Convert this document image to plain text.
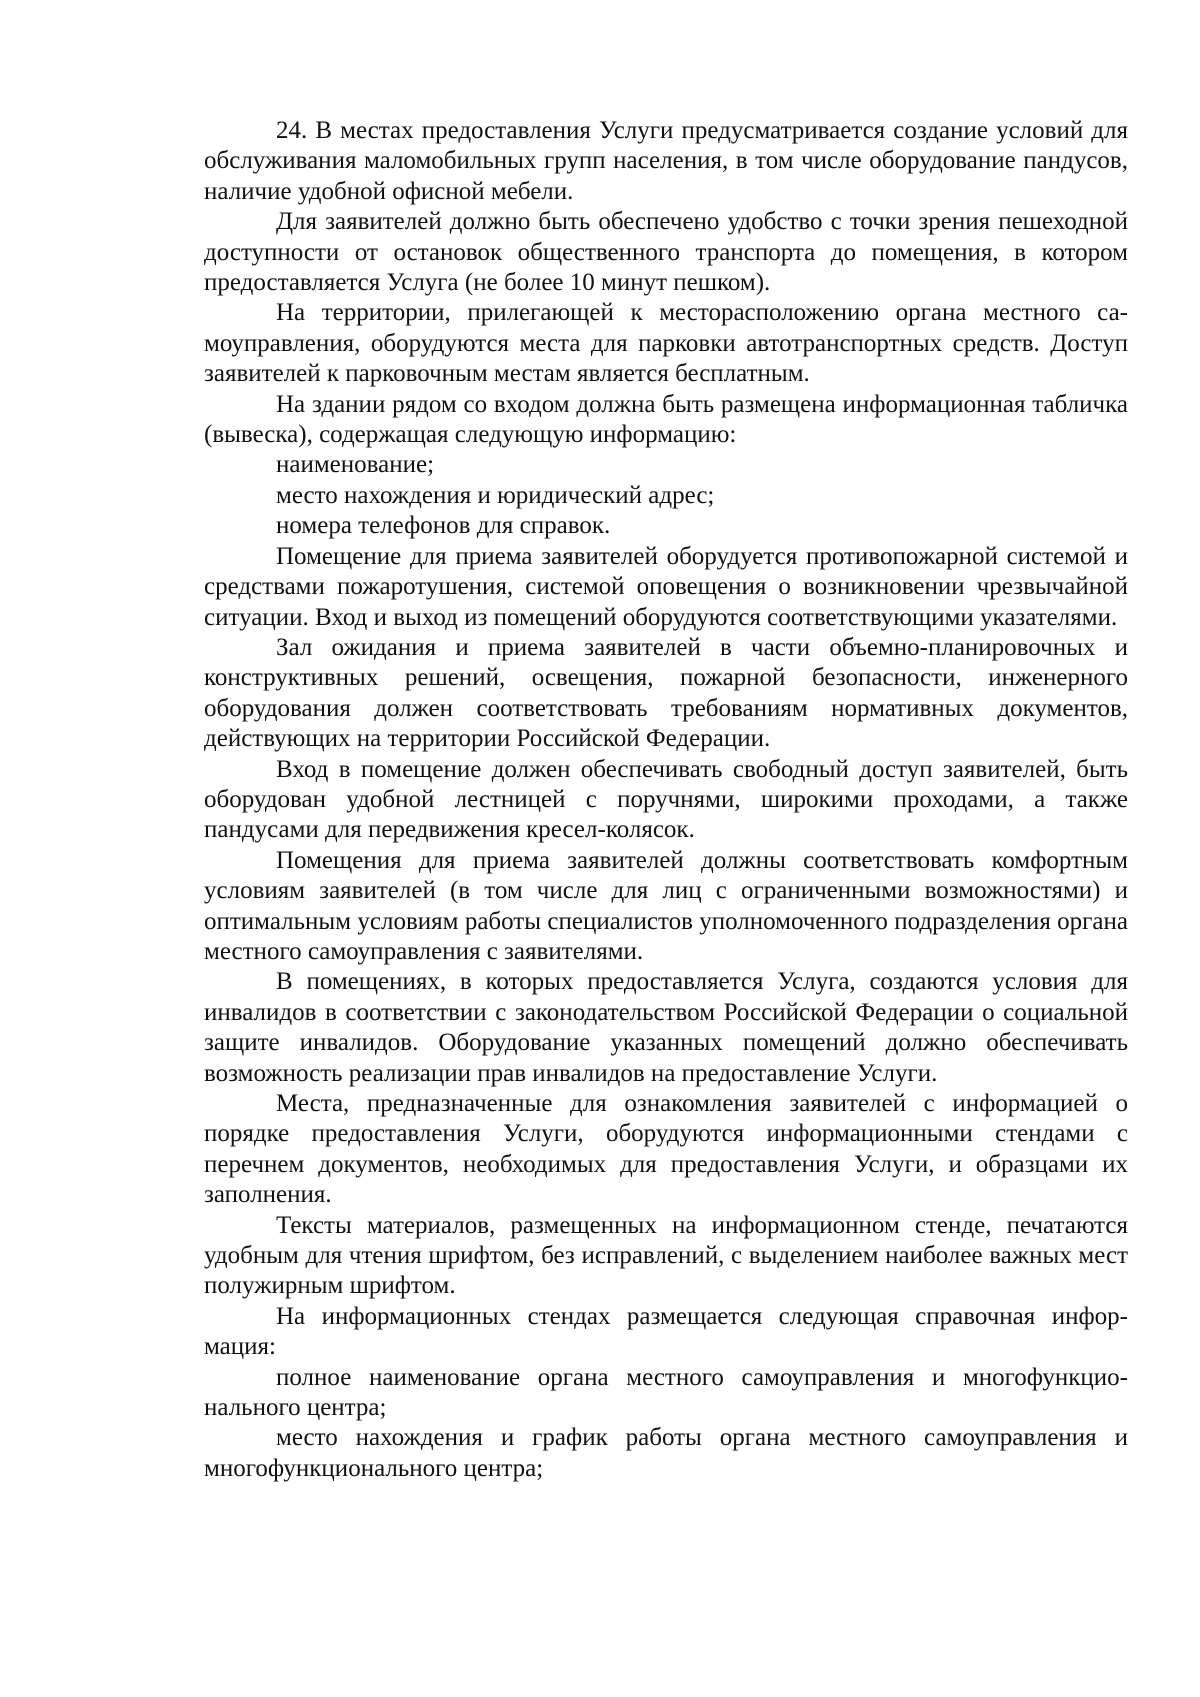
24. В местах предоставления Услуги предусматривается создание условий для обслуживания маломобильных групп населения, в том числе оборудование пандусов, наличие удобной офисной мебели.

Для заявителей должно быть обеспечено удобство с точки зрения пешеходной доступности от остановок общественного транспорта до помещения, в котором предоставляется Услуга (не более 10 минут пешком).

На территории, прилегающей к месторасположению органа местного самоуправления, оборудуются места для парковки автотранспортных средств. Доступ заявителей к парковочным местам является бесплатным.

На здании рядом со входом должна быть размещена информационная табличка (вывеска), содержащая следующую информацию:

наименование;

место нахождения и юридический адрес;

номера телефонов для справок.

Помещение для приема заявителей оборудуется противопожарной системой и средствами пожаротушения, системой оповещения о возникновении чрезвычайной ситуации. Вход и выход из помещений оборудуются соответствующими указателями.

Зал ожидания и приема заявителей в части объемно-планировочных и конструктивных решений, освещения, пожарной безопасности, инженерного оборудования должен соответствовать требованиям нормативных документов, действующих на территории Российской Федерации.

Вход в помещение должен обеспечивать свободный доступ заявителей, быть оборудован удобной лестницей с поручнями, широкими проходами, а также пандусами для передвижения кресел-колясок.

Помещения для приема заявителей должны соответствовать комфортным условиям заявителей (в том числе для лиц с ограниченными возможностями) и оптимальным условиям работы специалистов уполномоченного подразделения органа местного самоуправления с заявителями.

В помещениях, в которых предоставляется Услуга, создаются условия для инвалидов в соответствии с законодательством Российской Федерации о социальной защите инвалидов. Оборудование указанных помещений должно обеспечивать возможность реализации прав инвалидов на предоставление Услуги.

Места, предназначенные для ознакомления заявителей с информацией о порядке предоставления Услуги, оборудуются информационными стендами с перечнем документов, необходимых для предоставления Услуги, и образцами их заполнения.

Тексты материалов, размещенных на информационном стенде, печатаются удобным для чтения шрифтом, без исправлений, с выделением наиболее важных мест полужирным шрифтом.

На информационных стендах размещается следующая справочная информация:

полное наименование органа местного самоуправления и многофункционального центра;

место нахождения и график работы органа местного самоуправления и многофункционального центра;
